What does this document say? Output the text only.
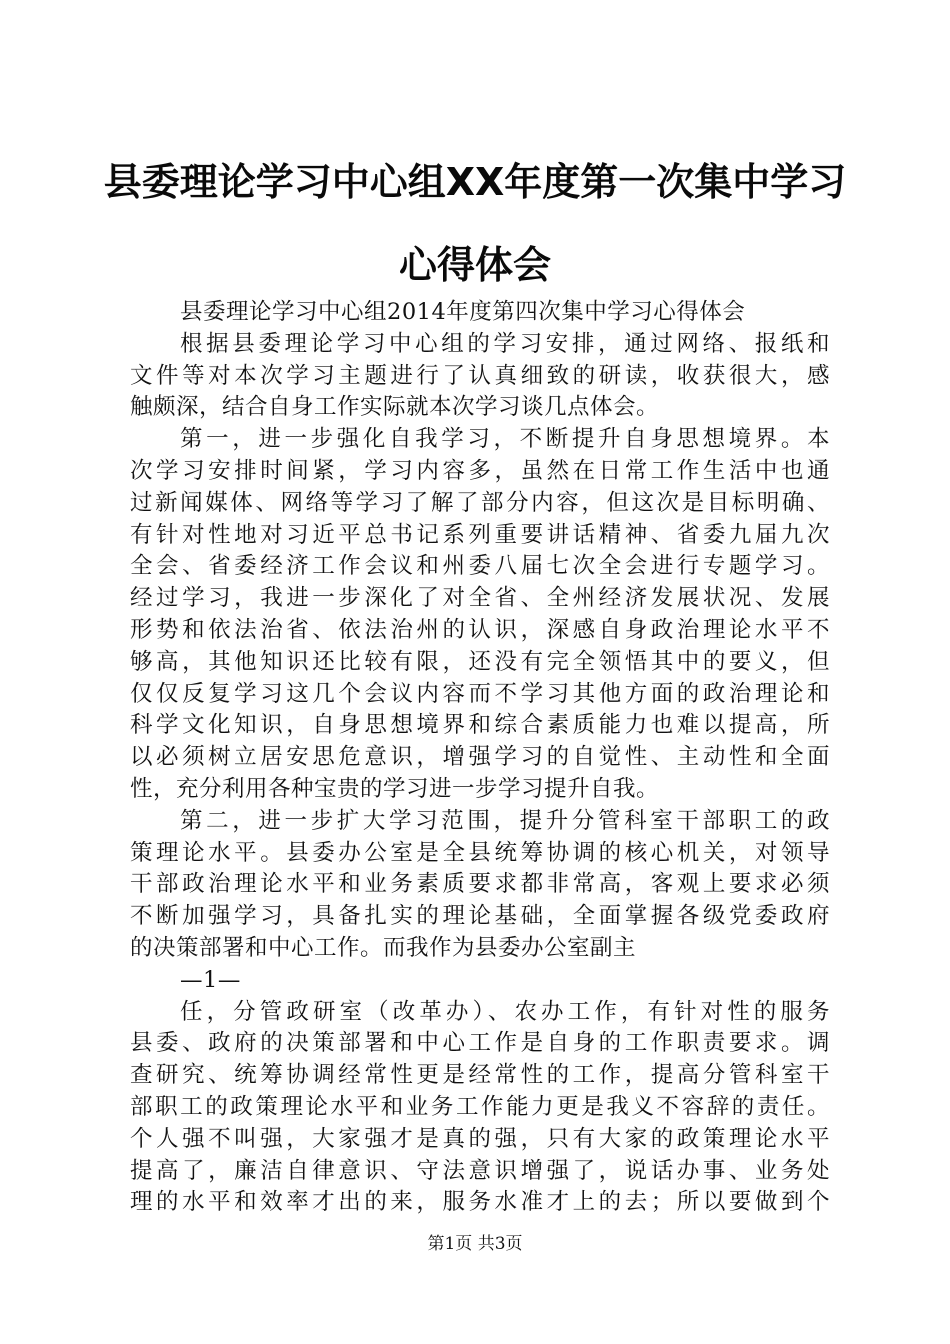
县委理论学习中心组XX年度第一次集中学习
心得体会
县委理论学习中心组2014年度第四次集中学习心得体会
根据县委理论学习中心组的学习安排，通过网络、报纸和
文件等对本次学习主题进行了认真细致的研读，收获很大，感
触颇深，结合自身工作实际就本次学习谈几点体会。
第一，进一步强化自我学习，不断提升自身思想境界。本
次学习安排时间紧，学习内容多，虽然在日常工作生活中也通
过新闻媒体、网络等学习了解了部分内容，但这次是目标明确、
有针对性地对习近平总书记系列重要讲话精神、省委九届九次
全会、省委经济工作会议和州委八届七次全会进行专题学习。
经过学习，我进一步深化了对全省、全州经济发展状况、发展
形势和依法治省、依法治州的认识，深感自身政治理论水平不
够高，其他知识还比较有限，还没有完全领悟其中的要义，但
仅仅反复学习这几个会议内容而不学习其他方面的政治理论和
科学文化知识，自身思想境界和综合素质能力也难以提高，所
以必须树立居安思危意识，增强学习的自觉性、主动性和全面
性，充分利用各种宝贵的学习进一步学习提升自我。
第二，进一步扩大学习范围，提升分管科室干部职工的政
策理论水平。县委办公室是全县统筹协调的核心机关，对领导
干部政治理论水平和业务素质要求都非常高，客观上要求必须
不断加强学习，具备扎实的理论基础，全面掌握各级党委政府
的决策部署和中心工作。而我作为县委办公室副主
—1—
任，分管政研室（改革办）、农办工作，有针对性的服务
县委、政府的决策部署和中心工作是自身的工作职责要求。调
查研究、统筹协调经常性更是经常性的工作，提高分管科室干
部职工的政策理论水平和业务工作能力更是我义不容辞的责任。
个人强不叫强，大家强才是真的强，只有大家的政策理论水平
提高了，廉洁自律意识、守法意识增强了，说话办事、业务处
理的水平和效率才出的来，服务水准才上的去；所以要做到个
第1页 共3页
